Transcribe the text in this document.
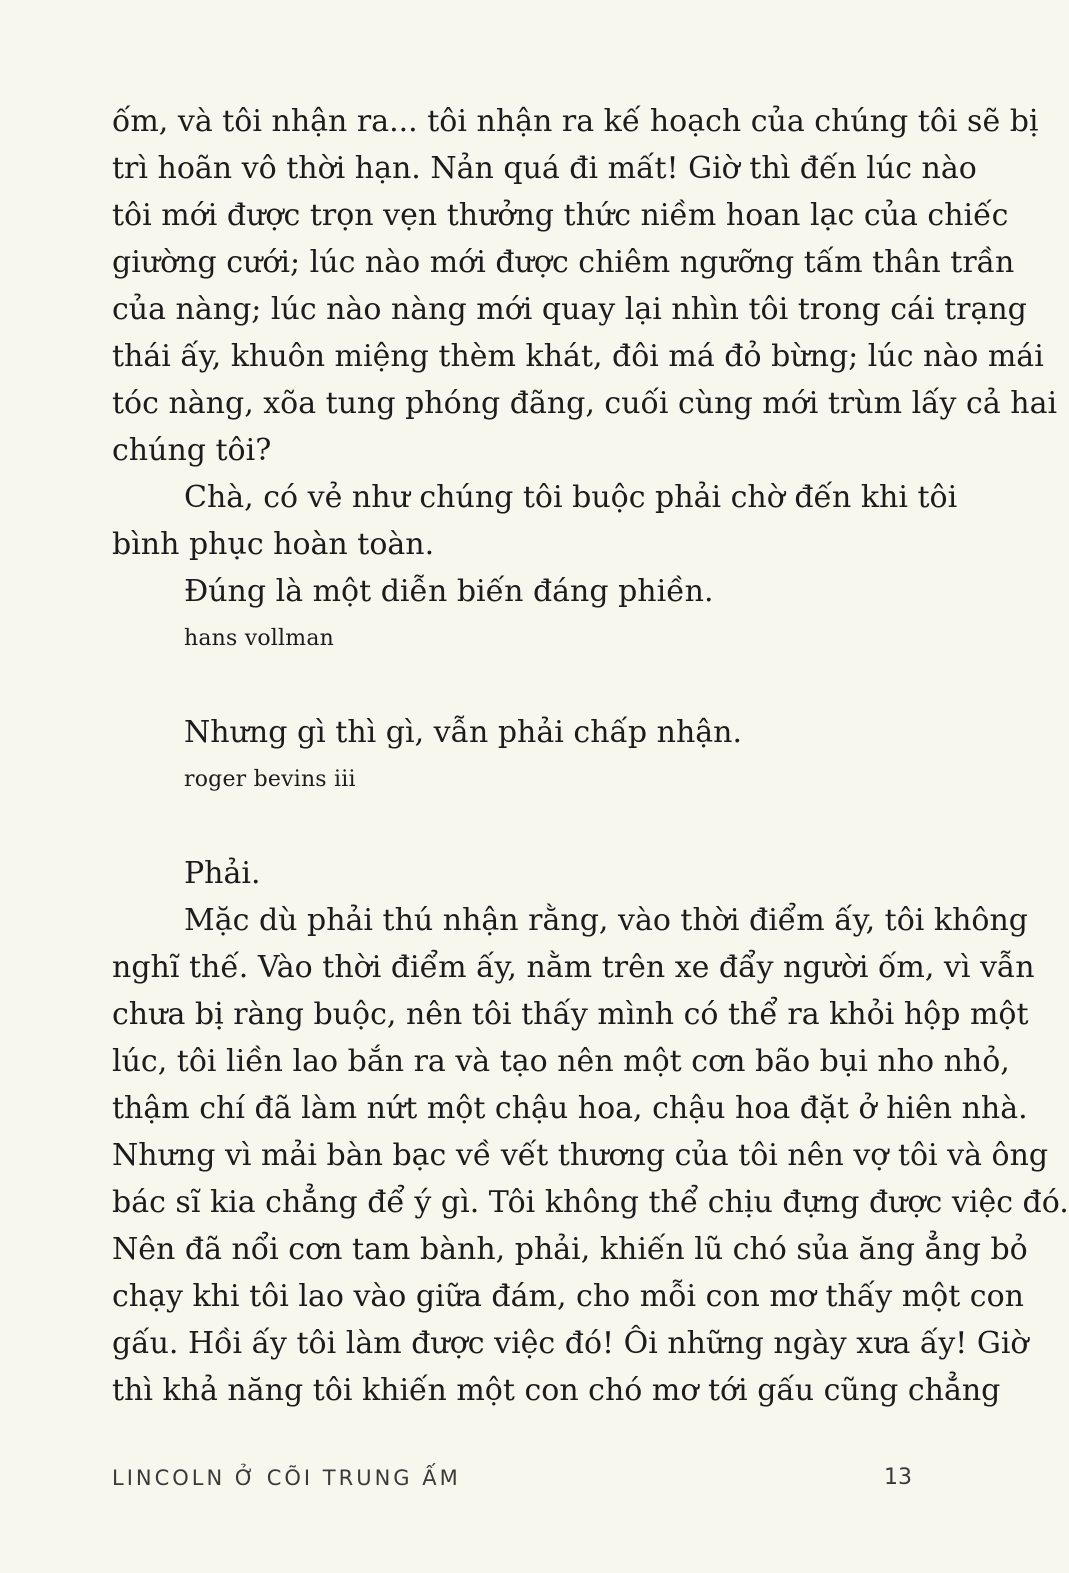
ốm, và tôi nhận ra... tôi nhận ra kế hoạch của chúng tôi sẽ bị
trì hoãn vô thời hạn. Nản quá đi mất! Giờ thì đến lúc nào
tôi mới được trọn vẹn thưởng thức niềm hoan lạc của chiếc
giường cưới; lúc nào mới được chiêm ngưỡng tấm thân trần
của nàng; lúc nào nàng mới quay lại nhìn tôi trong cái trạng
thái ấy, khuôn miệng thèm khát, đôi má đỏ bừng; lúc nào mái
tóc nàng, xõa tung phóng đãng, cuối cùng mới trùm lấy cả hai
chúng tôi?
Chà, có vẻ như chúng tôi buộc phải chờ đến khi tôi
bình phục hoàn toàn.
Đúng là một diễn biến đáng phiền.
hans vollman
Nhưng gì thì gì, vẫn phải chấp nhận.
roger bevins iii
Phải.
Mặc dù phải thú nhận rằng, vào thời điểm ấy, tôi không
nghĩ thế. Vào thời điểm ấy, nằm trên xe đẩy người ốm, vì vẫn
chưa bị ràng buộc, nên tôi thấy mình có thể ra khỏi hộp một
lúc, tôi liền lao bắn ra và tạo nên một cơn bão bụi nho nhỏ,
thậm chí đã làm nứt một chậu hoa, chậu hoa đặt ở hiên nhà.
Nhưng vì mải bàn bạc về vết thương của tôi nên vợ tôi và ông
bác sĩ kia chẳng để ý gì. Tôi không thể chịu đựng được việc đó.
Nên đã nổi cơn tam bành, phải, khiến lũ chó sủa ăng ẳng bỏ
chạy khi tôi lao vào giữa đám, cho mỗi con mơ thấy một con
gấu. Hồi ấy tôi làm được việc đó! Ôi những ngày xưa ấy! Giờ
thì khả năng tôi khiến một con chó mơ tới gấu cũng chẳng
LINCOLN Ở CÕI TRUNG ẤM	13
